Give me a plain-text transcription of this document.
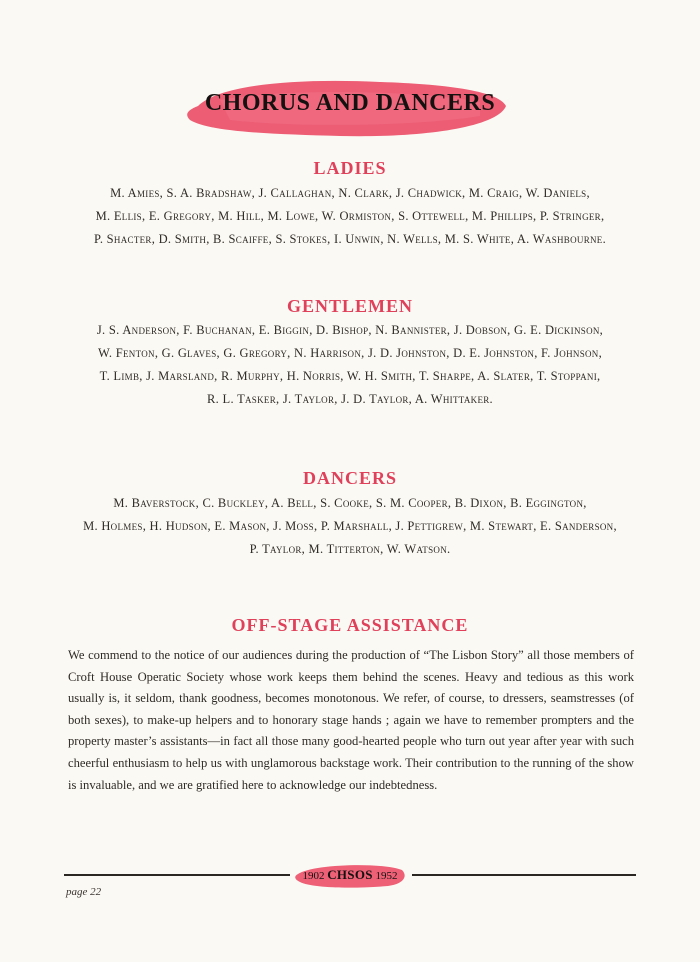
CHORUS AND DANCERS
LADIES
M. Amies, S. A. Bradshaw, J. Callaghan, N. Clark, J. Chadwick, M. Craig, W. Daniels,
M. Ellis, E. Gregory, M. Hill, M. Lowe, W. Ormiston, S. Ottewell, M. Phillips, P. Stringer,
P. Shacter, D. Smith, B. Scaiffe, S. Stokes, I. Unwin, N. Wells, M. S. White, A. Washbourne.
GENTLEMEN
J. S. Anderson, F. Buchanan, E. Biggin, D. Bishop, N. Bannister, J. Dobson, G. E. Dickinson,
W. Fenton, G. Glaves, G. Gregory, N. Harrison, J. D. Johnston, D. E. Johnston, F. Johnson,
T. Limb, J. Marsland, R. Murphy, H. Norris, W. H. Smith, T. Sharpe, A. Slater, T. Stoppani,
R. L. Tasker, J. Taylor, J. D. Taylor, A. Whittaker.
DANCERS
M. Baverstock, C. Buckley, A. Bell, S. Cooke, S. M. Cooper, B. Dixon, B. Eggington,
M. Holmes, H. Hudson, E. Mason, J. Moss, P. Marshall, J. Pettigrew, M. Stewart, E. Sanderson,
P. Taylor, M. Titterton, W. Watson.
OFF-STAGE ASSISTANCE
We commend to the notice of our audiences during the production of “The Lisbon Story” all those members of Croft House Operatic Society whose work keeps them behind the scenes. Heavy and tedious as this work usually is, it seldom, thank goodness, becomes monotonous. We refer, of course, to dressers, seamstresses (of both sexes), to make-up helpers and to honorary stage hands ; again we have to remember prompters and the property master’s assistants—in fact all those many good-hearted people who turn out year after year with such cheerful enthusiasm to help us with unglamorous backstage work. Their contribution to the running of the show is invaluable, and we are gratified here to acknowledge our indebtedness.
1902 CHSOS 1952
page 22
